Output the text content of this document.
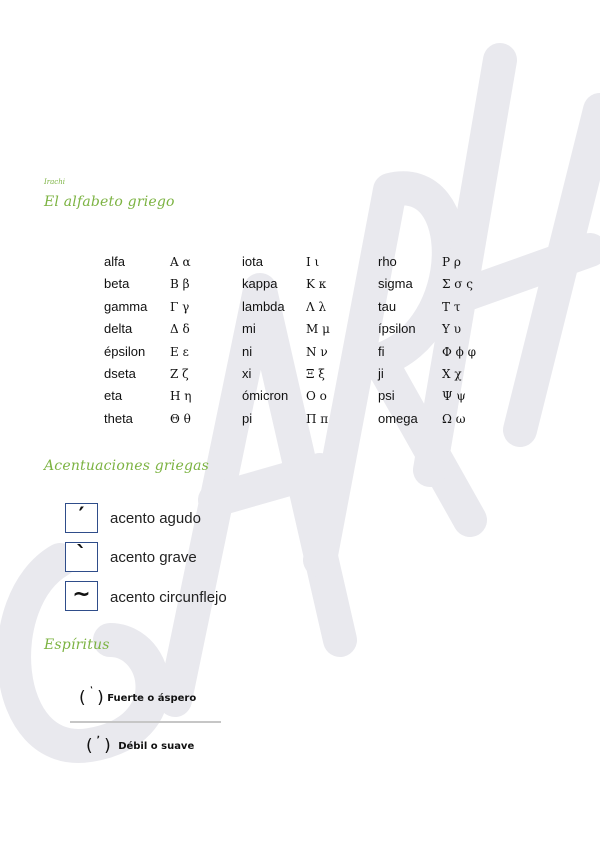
Irachi
El alfabeto griego
alfa	Α α	iota	Ι ι	rho	Ρ ρ
beta	Β β	kappa Κ κ	sigma Σ σ ς
gamma Γ γ	lambda Λ λ	tau	Τ τ
delta	Δ δ	mi	Μ μ	ípsilon Υ υ
épsilon Ε ε	ni	Ν ν	fi	Φ ϕ φ
dseta	Ζ ζ	xi	Ξ ξ	ji	Χ χ
eta	Η η	ómicron Ο ο	psi	Ψ ψ
theta	Θ θ	pi	Π π	omega Ω ω
Acentuaciones griegas
′	acento agudo
`	acento grave
~	acento circunflejo
Espíritus
( ʽ ) Fuerte o áspero
( ʼ ) Débil o suave
